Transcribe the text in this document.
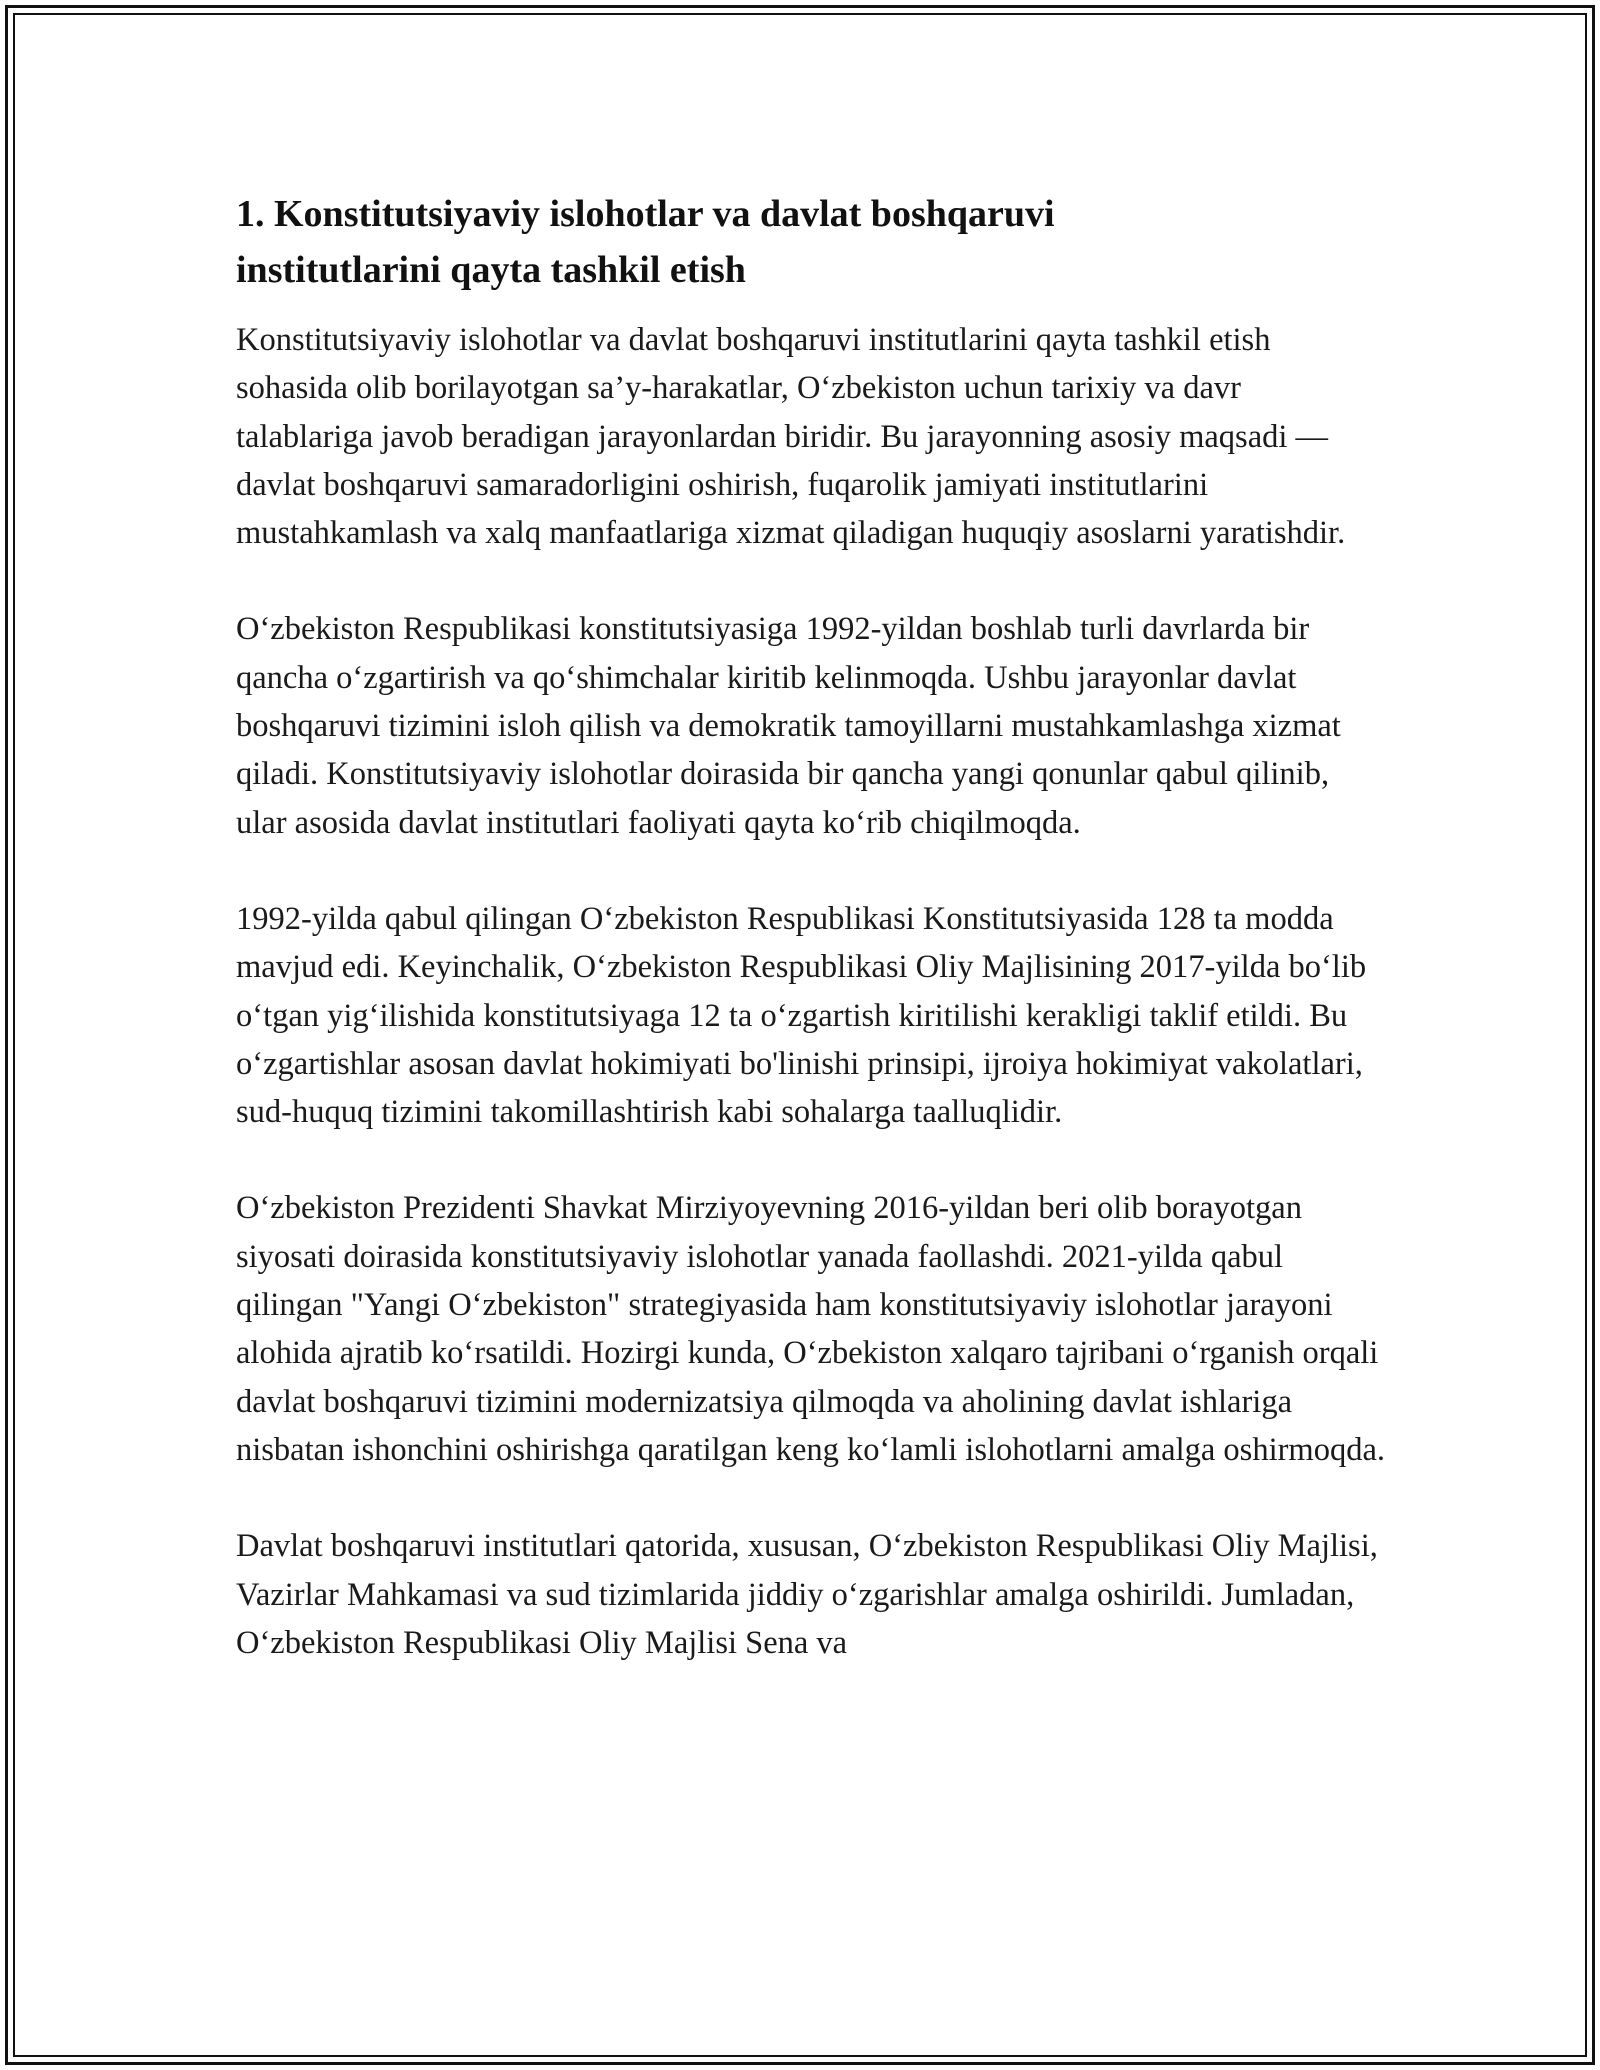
1. Konstitutsiyaviy islohotlar va davlat boshqaruvi
institutlarini qayta tashkil etish

Konstitutsiyaviy islohotlar va davlat boshqaruvi institutlarini qayta tashkil etish sohasida olib borilayotgan sa’y-harakatlar, O‘zbekiston uchun tarixiy va davr talablariga javob beradigan jarayonlardan biridir. Bu jarayonning asosiy maqsadi — davlat boshqaruvi samaradorligini oshirish, fuqarolik jamiyati institutlarini mustahkamlash va xalq manfaatlariga xizmat qiladigan huquqiy asoslarni yaratishdir.

O‘zbekiston Respublikasi konstitutsiyasiga 1992-yildan boshlab turli davrlarda bir qancha o‘zgartirish va qo‘shimchalar kiritib kelinmoqda. Ushbu jarayonlar davlat boshqaruvi tizimini isloh qilish va demokratik tamoyillarni mustahkamlashga xizmat qiladi. Konstitutsiyaviy islohotlar doirasida bir qancha yangi qonunlar qabul qilinib, ular asosida davlat institutlari faoliyati qayta ko‘rib chiqilmoqda.

1992-yilda qabul qilingan O‘zbekiston Respublikasi Konstitutsiyasida 128 ta modda mavjud edi. Keyinchalik, O‘zbekiston Respublikasi Oliy Majlisining 2017-yilda bo‘lib o‘tgan yig‘ilishida konstitutsiyaga 12 ta o‘zgartish kiritilishi kerakligi taklif etildi. Bu o‘zgartishlar asosan davlat hokimiyati bo'linishi prinsipi, ijroiya hokimiyat vakolatlari, sud-huquq tizimini takomillashtirish kabi sohalarga taalluqlidir.

O‘zbekiston Prezidenti Shavkat Mirziyoyevning 2016-yildan beri olib borayotgan siyosati doirasida konstitutsiyaviy islohotlar yanada faollashdi. 2021-yilda qabul qilingan "Yangi O‘zbekiston" strategiyasida ham konstitutsiyaviy islohotlar jarayoni alohida ajratib ko‘rsatildi. Hozirgi kunda, O‘zbekiston xalqaro tajribani o‘rganish orqali davlat boshqaruvi tizimini modernizatsiya qilmoqda va aholining davlat ishlariga nisbatan ishonchini oshirishga qaratilgan keng ko‘lamli islohotlarni amalga oshirmoqda.

Davlat boshqaruvi institutlari qatorida, xususan, O‘zbekiston Respublikasi Oliy Majlisi, Vazirlar Mahkamasi va sud tizimlarida jiddiy o‘zgarishlar amalga oshirildi. Jumladan, O‘zbekiston Respublikasi Oliy Majlisi Sena va
